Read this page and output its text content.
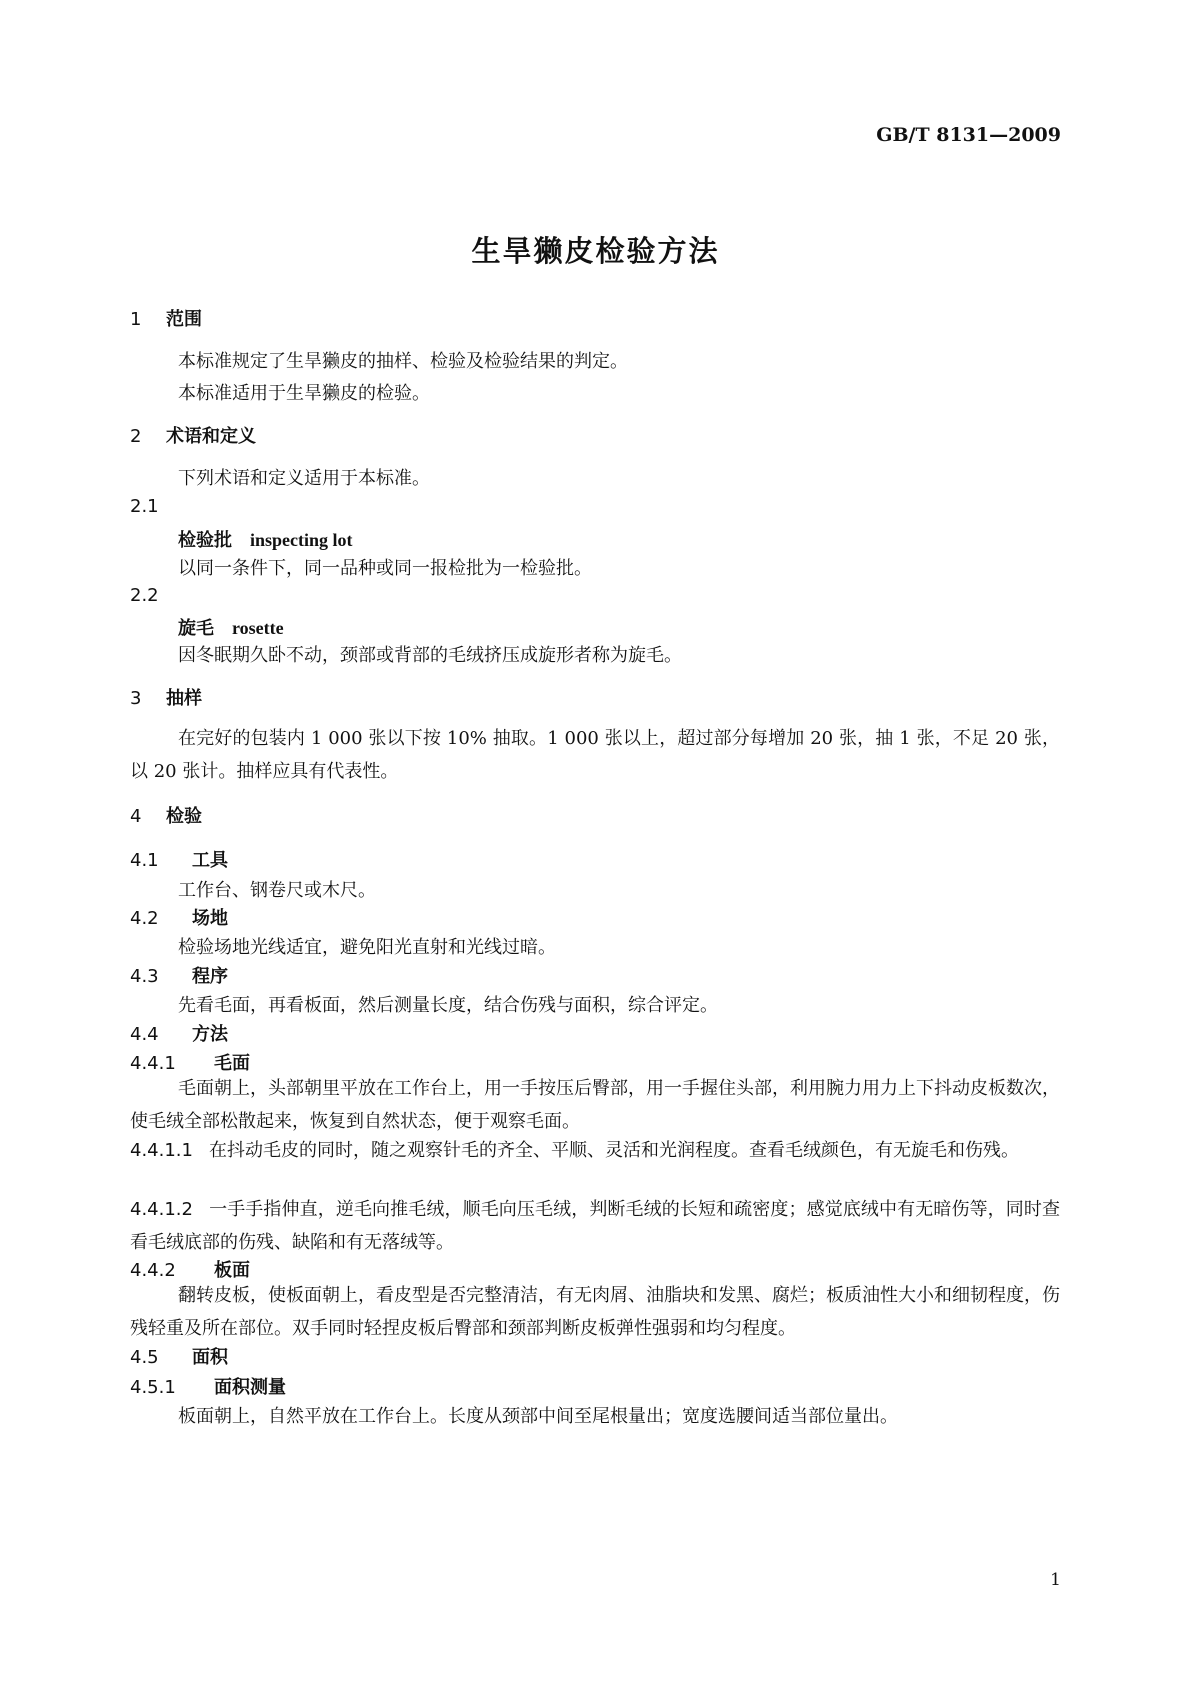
GB/T 8131—2009
生旱獭皮检验方法
1 范围
本标准规定了生旱獭皮的抽样、检验及检验结果的判定。
本标准适用于生旱獭皮的检验。
2 术语和定义
下列术语和定义适用于本标准。
2.1
检验批 inspecting lot
以同一条件下，同一品种或同一报检批为一检验批。
2.2
旋毛 rosette
因冬眠期久卧不动，颈部或背部的毛绒挤压成旋形者称为旋毛。
3 抽样
在完好的包装内 1 000 张以下按 10% 抽取。1 000 张以上，超过部分每增加 20 张，抽 1 张，不足 20 张，以 20 张计。抽样应具有代表性。
4 检验
4.1 工具
工作台、钢卷尺或木尺。
4.2 场地
检验场地光线适宜，避免阳光直射和光线过暗。
4.3 程序
先看毛面，再看板面，然后测量长度，结合伤残与面积，综合评定。
4.4 方法
4.4.1 毛面
毛面朝上，头部朝里平放在工作台上，用一手按压后臀部，用一手握住头部，利用腕力用力上下抖动皮板数次，使毛绒全部松散起来，恢复到自然状态，便于观察毛面。
4.4.1.1 在抖动毛皮的同时，随之观察针毛的齐全、平顺、灵活和光润程度。查看毛绒颜色，有无旋毛和伤残。
4.4.1.2 一手手指伸直，逆毛向推毛绒，顺毛向压毛绒，判断毛绒的长短和疏密度；感觉底绒中有无暗伤等，同时查看毛绒底部的伤残、缺陷和有无落绒等。
4.4.2 板面
翻转皮板，使板面朝上，看皮型是否完整清洁，有无肉屑、油脂块和发黑、腐烂；板质油性大小和细韧程度，伤残轻重及所在部位。双手同时轻捏皮板后臀部和颈部判断皮板弹性强弱和均匀程度。
4.5 面积
4.5.1 面积测量
板面朝上，自然平放在工作台上。长度从颈部中间至尾根量出；宽度选腰间适当部位量出。
1
